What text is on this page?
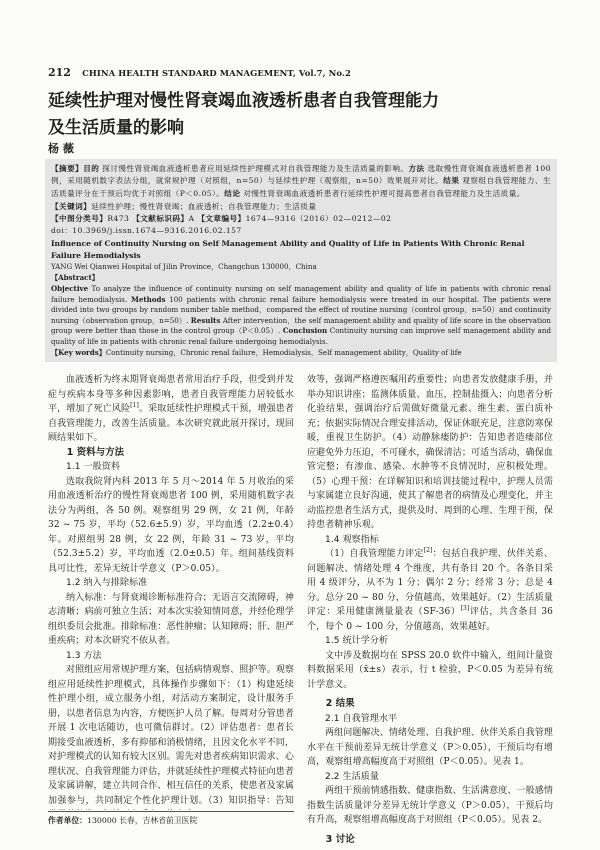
212 CHINA HEALTH STANDARD MANAGEMENT, Vol.7, No.2
延续性护理对慢性肾衰竭血液透析患者自我管理能力
及生活质量的影响
杨 薇
【摘要】目的 探讨慢性肾衰竭血液透析患者应用延续性护理模式对自我管理能力及生活质量的影响。方法 选取慢性肾衰竭血液透析患者 100 例，采用随机数字表法分组，就常规护理（对照组，n=50）与延续性护理（观察组，n=50）效果展开对比。结果 观察组自我管理能力、生活质量评分在干预后均优于对照组（P＜0.05）。结论 对慢性肾衰竭血液透析患者行延续性护理可提高患者自我管理能力及生活质量。
【关键词】延续性护理；慢性肾衰竭；血液透析；自我管理能力；生活质量
【中图分类号】R473 【文献标识码】A 【文章编号】1674—9316（2016）02—0212—02
doi：10.3969/j.issn.1674—9316.2016.02.157
Influence of Continuity Nursing on Self Management Ability and Quality of Life in Patients With Chronic Renal Failure Hemodialysis
YANG Wei Qianwei Hospital of Jilin Province，Changchun 130000，China
【Abstract】
Objective To analyze the influence of continuity nursing on self management ability and quality of life in patients with chronic renal failure hemodialysis. Methods 100 patients with chronic renal failure hemodialysis were treated in our hospital. The patients were divided into two groups by random number table method，compared the effect of routine nursing（control group，n=50）and continuity nursing（observation group，n=50）. Results After intervention，the self management ability and quality of life score in the observation group were better than those in the control group（P＜0.05）. Conclusion Continuity nursing can improve self management ability and quality of life in patients with chronic renal failure undergoing hemodialysis.
【Key words】Continuity nursing，Chronic renal failure，Hemodialysis，Self management ability，Quality of life

血液透析为终末期肾衰竭患者常用治疗手段，但受到并发症与疾病本身等多种因素影响，患者自我管理能力居较低水平，增加了死亡风险[1]。采取延续性护理模式干预，增强患者自我管理能力，改善生活质量。本次研究就此展开探讨，现回顾结果如下。

1 资料与方法
1.1 一般资料

选取我院肾内科 2013 年 5 月～2014 年 5 月收治的采用血液透析治疗的慢性肾衰竭患者 100 例，采用随机数字表法分为两组，各 50 例。观察组男 29 例，女 21 例，年龄 32 ~ 75 岁，平均（52.6±5.9）岁，平均血透（2.2±0.4）年。对照组男 28 例，女 22 例，年龄 31 ~ 73 岁，平均（52.3±5.2）岁，平均血透（2.0±0.5）年。组间基线资料具可比性，差异无统计学意义（P＞0.05）。

1.2 纳入与排除标准

纳入标准：与肾衰竭诊断标准符合；无语言交流障碍，神志清晰；病前可独立生活；对本次实验知情同意，并经伦理学组织委员会批准。排除标准：恶性肿瘤；认知障碍；肝、胆严重疾病；对本次研究不依从者。

1.3 方法

对照组应用常规护理方案，包括病情观察、照护等。观察组应用延续性护理模式，具体操作步骤如下：（1）构建延续性护理小组，成立服务小组，对活动方案制定，设计服务手册，以患者信息为内容，方便医护人员了解。每周对分管患者开展 1 次电话随访，也可微信群讨。（2）评估患者：患者长期接受血液透析，多有抑郁和消极情绪，且因文化水平不同，对护理模式的认知有较大区别。需先对患者疾病知识需求、心理状况、自我管理能力评估，并就延续性护理模式特征向患者及家属讲解，建立共同合作、相互信任的关系，使患者及家属加强参与，共同制定个性化护理计划。（3）知识指导：告知

作者单位：130000 长春，吉林省前卫医院

效等，强调严格遵医嘱用药重要性；向患者发放健康手册，并举办知识讲座；监测体质量、血压，控制盐摄入；向患者分析化验结果，强调治疗后需做好微量元素、维生素、蛋白质补充；依据实际情况合理安排活动，保证休眠充足，注意防寒保暖，重视卫生防护。（4）动静脉瘘防护：告知患者造瘘部位应避免外力压迫，不可碰水，确保清洁；可适当活动，确保血管完整；有渗血、感染、水肿等不良情况时，应积极处理。（5）心理干预：在详解知识和培训技能过程中，护理人员需与家属建立良好沟通，使其了解患者的病情及心理变化，并主动监控患者生活方式，提供及时、周到的心理、生理干预，保持患者精神乐观。

1.4 观察指标

（1）自我管理能力评定[2]：包括自我护理、伙伴关系、问题解决、情绪处理 4 个维度，共有条目 20 个。各条目采用 4 级评分，从不为 1 分；偶尔 2 分；经常 3 分；总是 4 分。总分 20 ~ 80 分，分值越高，效果越好。（2）生活质量评定：采用健康测量量表（SF-36）[3]评估，共含条目 36 个，每个 0 ~ 100 分，分值越高，效果越好。

1.5 统计学分析

文中涉及数据均在 SPSS 20.0 软件中输入，组间计量资料数据采用（x̄±s）表示，行 t 检验，P＜0.05 为差异有统计学意义。

2 结果
2.1 自我管理水平

两组问题解决、情绪处理、自我护理、伙伴关系自我管理水平在干预前差异无统计学意义（P＞0.05），干预后均有增高，观察组增高幅度高于对照组（P＜0.05）。见表 1。

2.2 生活质量

两组干预前情感指数、健康指数、生活满意度、一般感情指数生活质量评分差异无统计学意义（P＞0.05），干预后均有升高，观察组增高幅度高于对照组（P＜0.05）。见表 2。

3 讨论
